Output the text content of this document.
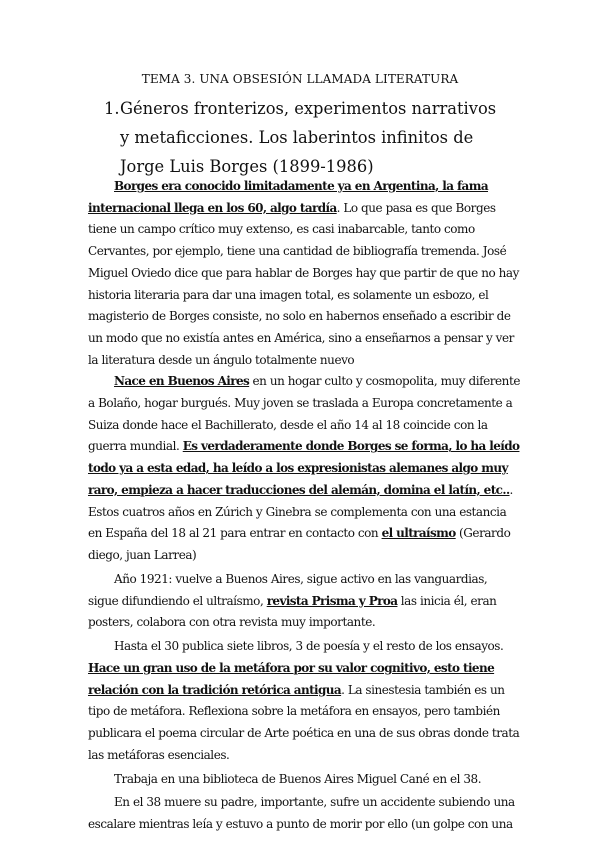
TEMA 3. UNA OBSESIÓN LLAMADA LITERATURA
1. Géneros fronterizos, experimentos narrativos y metaficciones. Los laberintos infinitos de Jorge Luis Borges (1899-1986)

Borges era conocido limitadamente ya en Argentina, la fama internacional llega en los 60, algo tardía. Lo que pasa es que Borges tiene un campo crítico muy extenso, es casi inabarcable, tanto como Cervantes, por ejemplo, tiene una cantidad de bibliografía tremenda. José Miguel Oviedo dice que para hablar de Borges hay que partir de que no hay historia literaria para dar una imagen total, es solamente un esbozo, el magisterio de Borges consiste, no solo en habernos enseñado a escribir de un modo que no existía antes en América, sino a enseñarnos a pensar y ver la literatura desde un ángulo totalmente nuevo

Nace en Buenos Aires en un hogar culto y cosmopolita, muy diferente a Bolaño, hogar burgués. Muy joven se traslada a Europa concretamente a Suiza donde hace el Bachillerato, desde el año 14 al 18 coincide con la guerra mundial. Es verdaderamente donde Borges se forma, lo ha leído todo ya a esta edad, ha leído a los expresionistas alemanes algo muy raro, empieza a hacer traducciones del alemán, domina el latín, etc... Estos cuatros años en Zúrich y Ginebra se complementa con una estancia en España del 18 al 21 para entrar en contacto con el ultraísmo (Gerardo diego, juan Larrea)

Año 1921: vuelve a Buenos Aires, sigue activo en las vanguardias, sigue difundiendo el ultraísmo, revista Prisma y Proa las inicia él, eran posters, colabora con otra revista muy importante.

Hasta el 30 publica siete libros, 3 de poesía y el resto de los ensayos. Hace un gran uso de la metáfora por su valor cognitivo, esto tiene relación con la tradición retórica antigua. La sinestesia también es un tipo de metáfora. Reflexiona sobre la metáfora en ensayos, pero también publicara el poema circular de Arte poética en una de sus obras donde trata las metáforas esenciales.

Trabaja en una biblioteca de Buenos Aires Miguel Cané en el 38.

En el 38 muere su padre, importante, sufre un accidente subiendo una escalare mientras leía y estuvo a punto de morir por ello (un golpe con una
